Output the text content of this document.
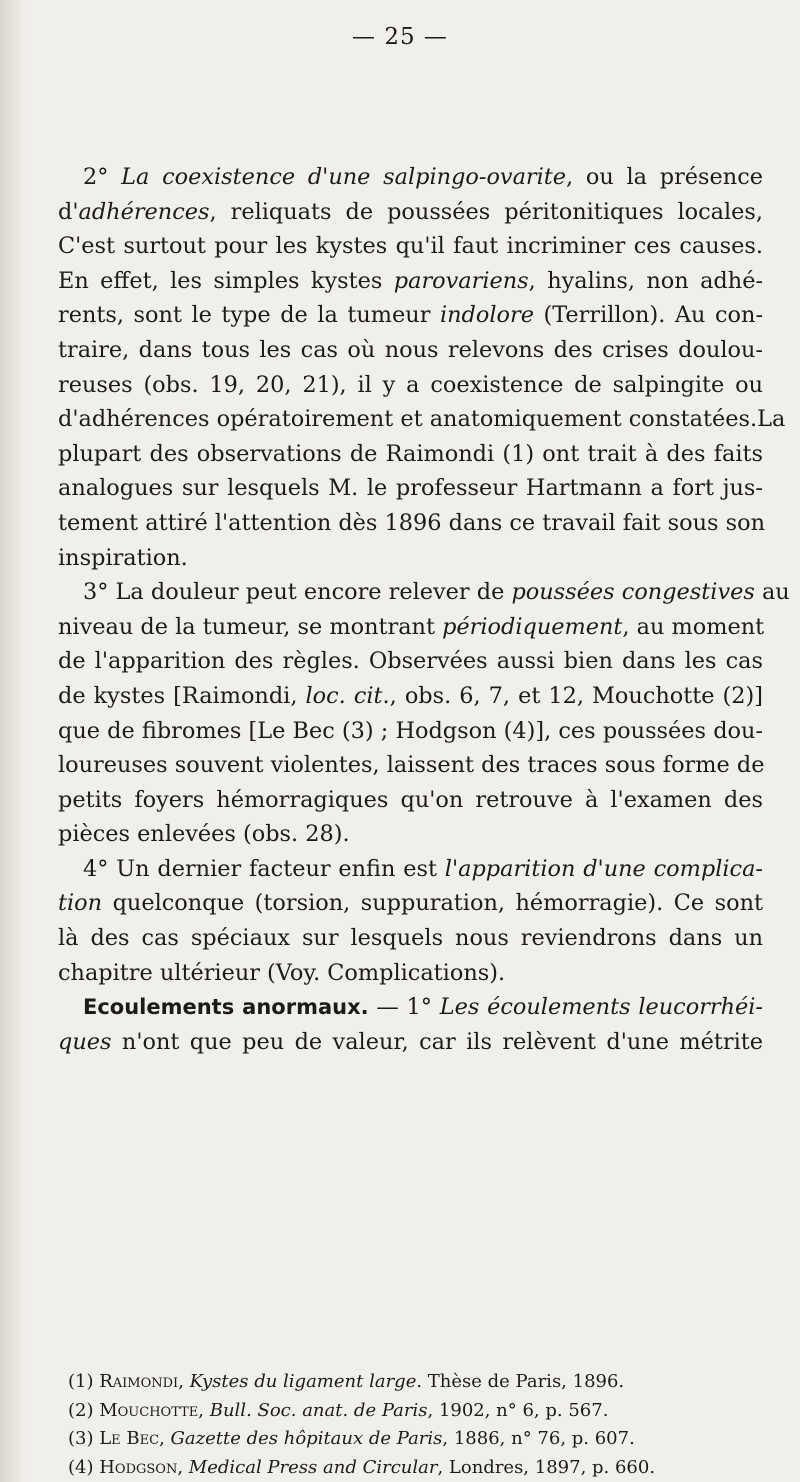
— 25 —
2° La coexistence d'une salpingo-ovarite, ou la présence
d'adhérences, reliquats de poussées péritonitiques locales,
C'est surtout pour les kystes qu'il faut incriminer ces causes.
En effet, les simples kystes parovariens, hyalins, non adhé-
rents, sont le type de la tumeur indolore (Terrillon). Au con-
traire, dans tous les cas où nous relevons des crises doulou-
reuses (obs. 19, 20, 21), il y a coexistence de salpingite ou
d'adhérences opératoirement et anatomiquement constatées.La
plupart des observations de Raimondi (1) ont trait à des faits
analogues sur lesquels M. le professeur Hartmann a fort jus-
tement attiré l'attention dès 1896 dans ce travail fait sous son
inspiration.
3° La douleur peut encore relever de poussées congestives au
niveau de la tumeur, se montrant périodiquement, au moment
de l'apparition des règles. Observées aussi bien dans les cas
de kystes [Raimondi, loc. cit., obs. 6, 7, et 12, Mouchotte (2)]
que de fibromes [Le Bec (3) ; Hodgson (4)], ces poussées dou-
loureuses souvent violentes, laissent des traces sous forme de
petits foyers hémorragiques qu'on retrouve à l'examen des
pièces enlevées (obs. 28).
4° Un dernier facteur enfin est l'apparition d'une complica-
tion quelconque (torsion, suppuration, hémorragie). Ce sont
là des cas spéciaux sur lesquels nous reviendrons dans un
chapitre ultérieur (Voy. Complications).
Ecoulements anormaux. — 1° Les écoulements leucorrhéi-
ques n'ont que peu de valeur, car ils relèvent d'une métrite
(1) Raimondi, Kystes du ligament large. Thèse de Paris, 1896.
(2) Mouchotte, Bull. Soc. anat. de Paris, 1902, n° 6, p. 567.
(3) Le Bec, Gazette des hôpitaux de Paris, 1886, n° 76, p. 607.
(4) Hodgson, Medical Press and Circular, Londres, 1897, p. 660.
